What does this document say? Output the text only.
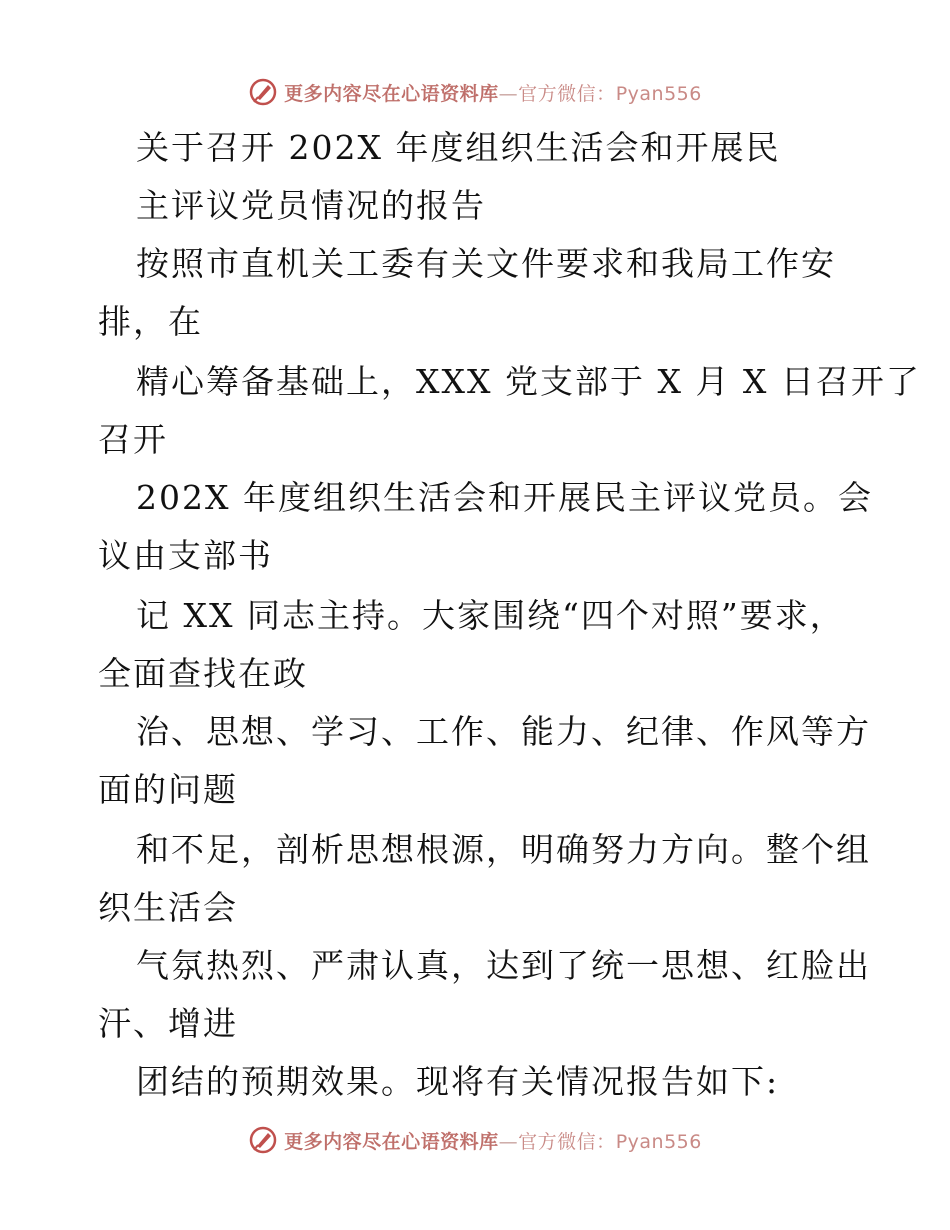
更多内容尽在心语资料库—官方微信：Pyan556
关于召开 202X 年度组织生活会和开展民
主评议党员情况的报告
按照市直机关工委有关文件要求和我局工作安
排，在
精心筹备基础上，XXX 党支部于 X 月 X 日召开了
召开
202X 年度组织生活会和开展民主评议党员。会
议由支部书
记 XX 同志主持。大家围绕“四个对照”要求，
全面查找在政
治、思想、学习、工作、能力、纪律、作风等方
面的问题
和不足，剖析思想根源，明确努力方向。整个组
织生活会
气氛热烈、严肃认真，达到了统一思想、红脸出
汗、增进
团结的预期效果。现将有关情况报告如下:
更多内容尽在心语资料库—官方微信：Pyan556
